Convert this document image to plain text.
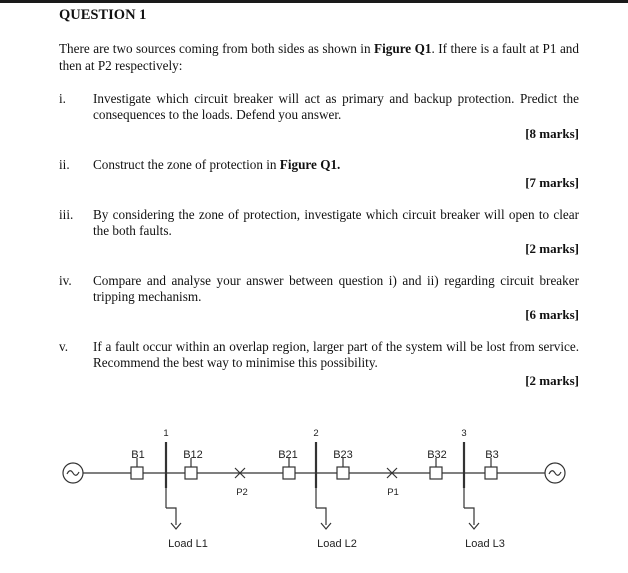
QUESTION 1
There are two sources coming from both sides as shown in Figure Q1. If there is a fault at P1 and then at P2 respectively:
i. Investigate which circuit breaker will act as primary and backup protection. Predict the consequences to the loads. Defend you answer.
[8 marks]
ii. Construct the zone of protection in Figure Q1.
[7 marks]
iii. By considering the zone of protection, investigate which circuit breaker will open to clear the both faults.
[2 marks]
iv. Compare and analyse your answer between question i) and ii) regarding circuit breaker tripping mechanism.
[6 marks]
v. If a fault occur within an overlap region, larger part of the system will be lost from service. Recommend the best way to minimise this possibility.
[2 marks]
1	2	3
B1	B12	B21	B23	B32	B3
P2	P1
Load L1	Load L2	Load L3
